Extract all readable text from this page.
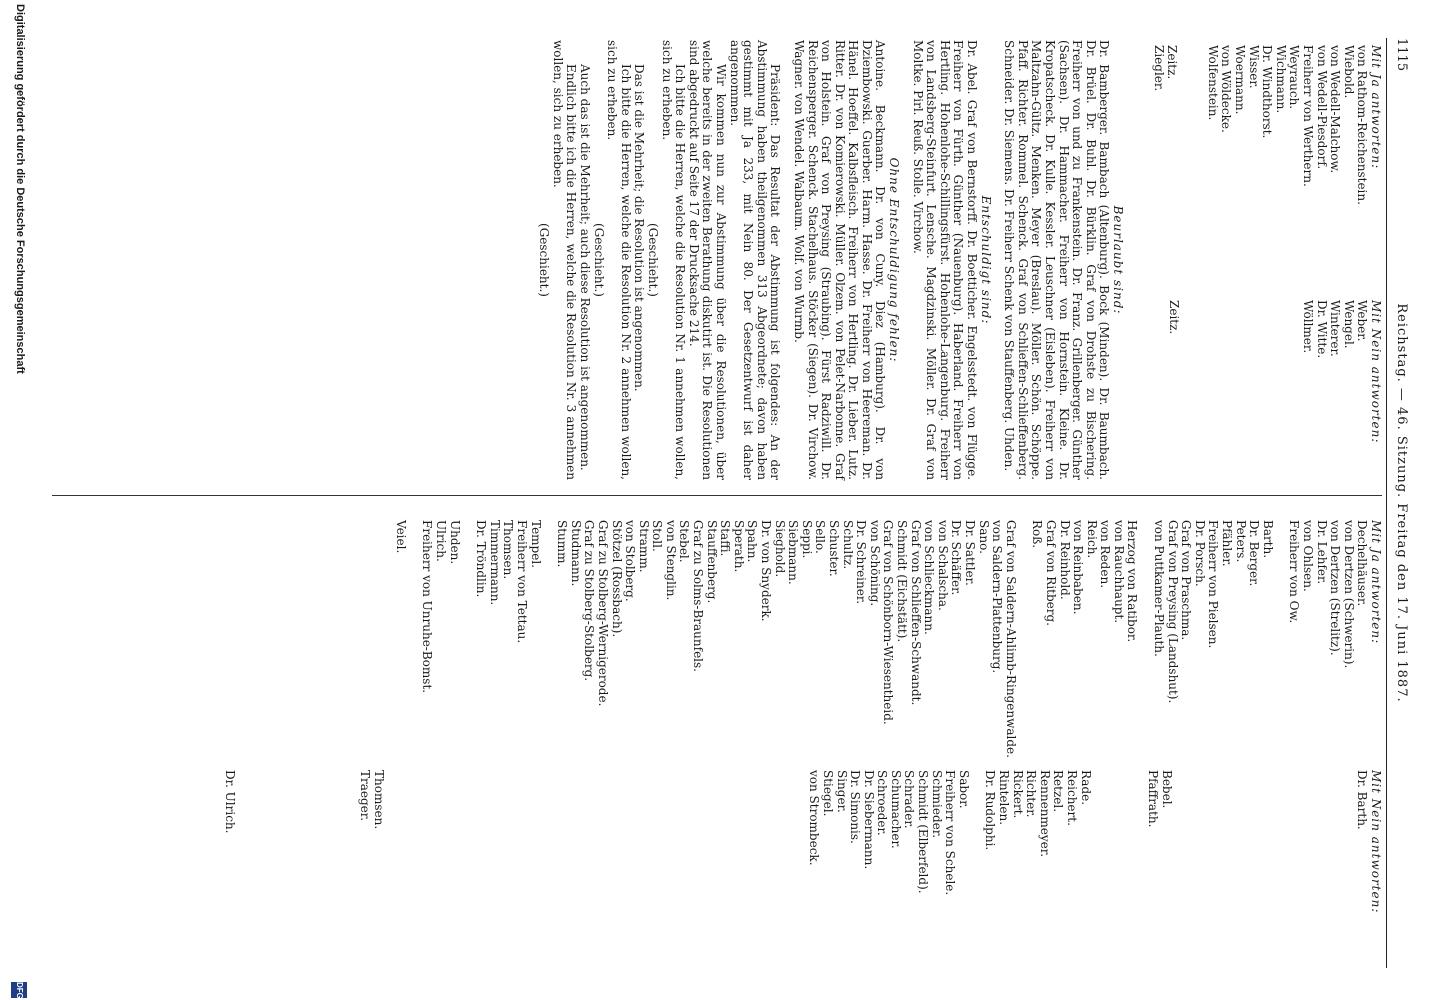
1115
Reichstag. — 46. Sitzung. Freitag den 17. Juni 1887.
Mit Ja antworten:
von Rathom-Reichenstein.
Wiebold.
von Wedell-Malchow.
von Wedell-Piesdorf.
Freiherr von Werthern.
Weyrauch.
Wichmann.
Dr. Windthorst.
Wisser.
Woermann.
von Wöldecke.
Wolfenstein.
Zeitz.
Ziegler.
Mit Nein antworten:
Weber.
Wengel.
Winterer.
Dr. Witte.
Wöllmer.
Zeitz.

Beurlaubt sind:

Dr. Bamberger. Bambach (Altenburg). Bock (Minden). Dr. Baumbach. Dr. Brüel. Dr. Buhl. Dr. Bürklin. Graf von Drohste zu Bischering. Freiherr von und zu Frankenstein. Dr. Franz. Grillenberger. Günther (Sachsen). Dr. Hammacher. Freiherr von Hornstein. Kleine. Dr. Kropatscheck. Dr. Kulle. Kessler. Leuschner (Eisleben). Freiherr von Maltzahn-Gültz. Menken. Meyer (Breslau). Möller. Schön. Schöppe. Pfaff. Richter. Rommel. Schenck. Graf von Schlieffen-Schlieffenberg. Schneider. Dr. Siemens. Dr. Freiherr Schenk von Stauffenberg. Uhden.

Entschuldigt sind:

Dr. Abel. Graf von Bernstorff. Dr. Boetticher. Engelsstedt. von Flügge. Freiherr von Fürth. Günther (Nauenburg). Haberland. Freiherr von Hertling. Hohenlohe-Schillingsfürst. Hohenlohe-Langenburg. Freiherr von Landsberg-Steinfurt. Lensche. Magdzinski. Möller. Dr. Graf von Moltke. Pirl. Reuß. Stolle. Virchow.

Ohne Entschuldigung fehlen:

Antoine. Beckmann. Dr. von Cuny. Diez (Hamburg). Dr. von Dziembowski. Guerber. Harm. Hasse. Dr. Freiherr von Heereman. Dr. Hänel. Hoeffel. Kalbsfleisch. Freiherr von Hertling. Dr. Lieber. Lutz. Ritter. Dr. von Komierowski. Müller. Olzem. von Pelet-Narbonne. Graf von Holstein. Graf von Preysing (Straubing). Fürst Radziwill. Dr. Reichensperger. Schenck. Stachelhaus. Stöcker (Siegen). Dr. Virchow. Wagner. von Wendel. Walbaum. Wolf. von Wurmb.

Präsident: Das Resultat der Abstimmung ist folgendes: An der Abstimmung haben theilgenommen 313 Abgeordnete; davon haben gestimmt mit Ja 233, mit Nein 80. Der Gesetzentwurf ist daher angenommen.

Wir kommen nun zur Abstimmung über die Resolutionen, über welche bereits in der zweiten Berathung diskutirt ist. Die Resolutionen sind abgedruckt auf Seite 17 der Drucksache 214.

Ich bitte die Herren, welche die Resolution Nr. 1 annehmen wollen, sich zu erheben.

(Geschieht.)

Das ist die Mehrheit; die Resolution ist angenommen.

Ich bitte die Herren, welche die Resolution Nr. 2 annehmen wollen, sich zu erheben.

(Geschieht.)

Auch das ist die Mehrheit; auch diese Resolution ist angenommen.

Endlich bitte ich die Herren, welche die Resolution Nr. 3 annehmen wollen, sich zu erheben.

(Geschieht.)

Mit Ja antworten:
Dechelhäuser.
von Dertzen (Schwerin).
von Dertzen (Strelitz).
Dr. Lehfer.
von Ohlsen.
Freiherr von Ow.
Barth.
Dr. Berger.
Peters.
Pfähler.
Freiherr von Pielsen.
Dr. Porsch.
Graf von Praschma.
Graf von Preysing (Landshut).
von Puttkamer-Plauth.
Herzog von Ratibor.
von Rauchhaupt.
von Reden.
Reich.
von Reinbaben.
Dr. Reinhold.
Graf von Ritberg.
Roß.
Graf von Saldern-Ahlimb-Ringenwalde.
von Saldern-Plattenburg.
Sano.
Dr. Sattler.
Dr. Schäffer.
von Schalscha.
von Schlieckmann.
Graf von Schlieffen-Schwandt.
Schmidt (Eichstätt).
Graf von Schönborn-Wiesentheid.
von Schöning.
Dr. Schreiner.
Schultz.
Schuster.
Sello.
Seppi.
Siebmann.
Sieghold.
Dr. von Snyderk.
Spahn.
Sperath.
Staffi.
Stauffenberg.
Graf zu Solms-Braunfels.
Stebel.
von Stenglin.
Stoll.
Stramm.
von Stolberg.
Stötzel (Rossbach).
Graf zu Stolberg-Wernigerode.
Graf zu Stolberg-Stolberg.
Studmann.
Stumm.
Tempel.
Freiherr von Tettau.
Thomsen.
Timmermann.
Dr. Tröndlin.
Uhden.
Ulrich.
Freiherr von Unruhe-Bomst.
Veiel.
Mit Nein antworten:
Dr. Barth.
Bebel.
Pfaffrath.
Rade.
Reichert.
Retzel.
Rennenmeyer.
Richter.
Rickert.
Rintelen.
Dr. Rudolphi.
Sabor.
Freiherr von Schele.
Schmieder.
Schmidt (Elberfeld).
Schrader.
Schumacher.
Schroeder.
Dr. Siebermann.
Dr. Simonis.
Singer.
Stiegel.
von Strombeck.
Thomsen.
Traeger.
Dr. Ulrich.
Digitalisierung gefördert durch die Deutsche Forschungsgemeinschaft
DFG
